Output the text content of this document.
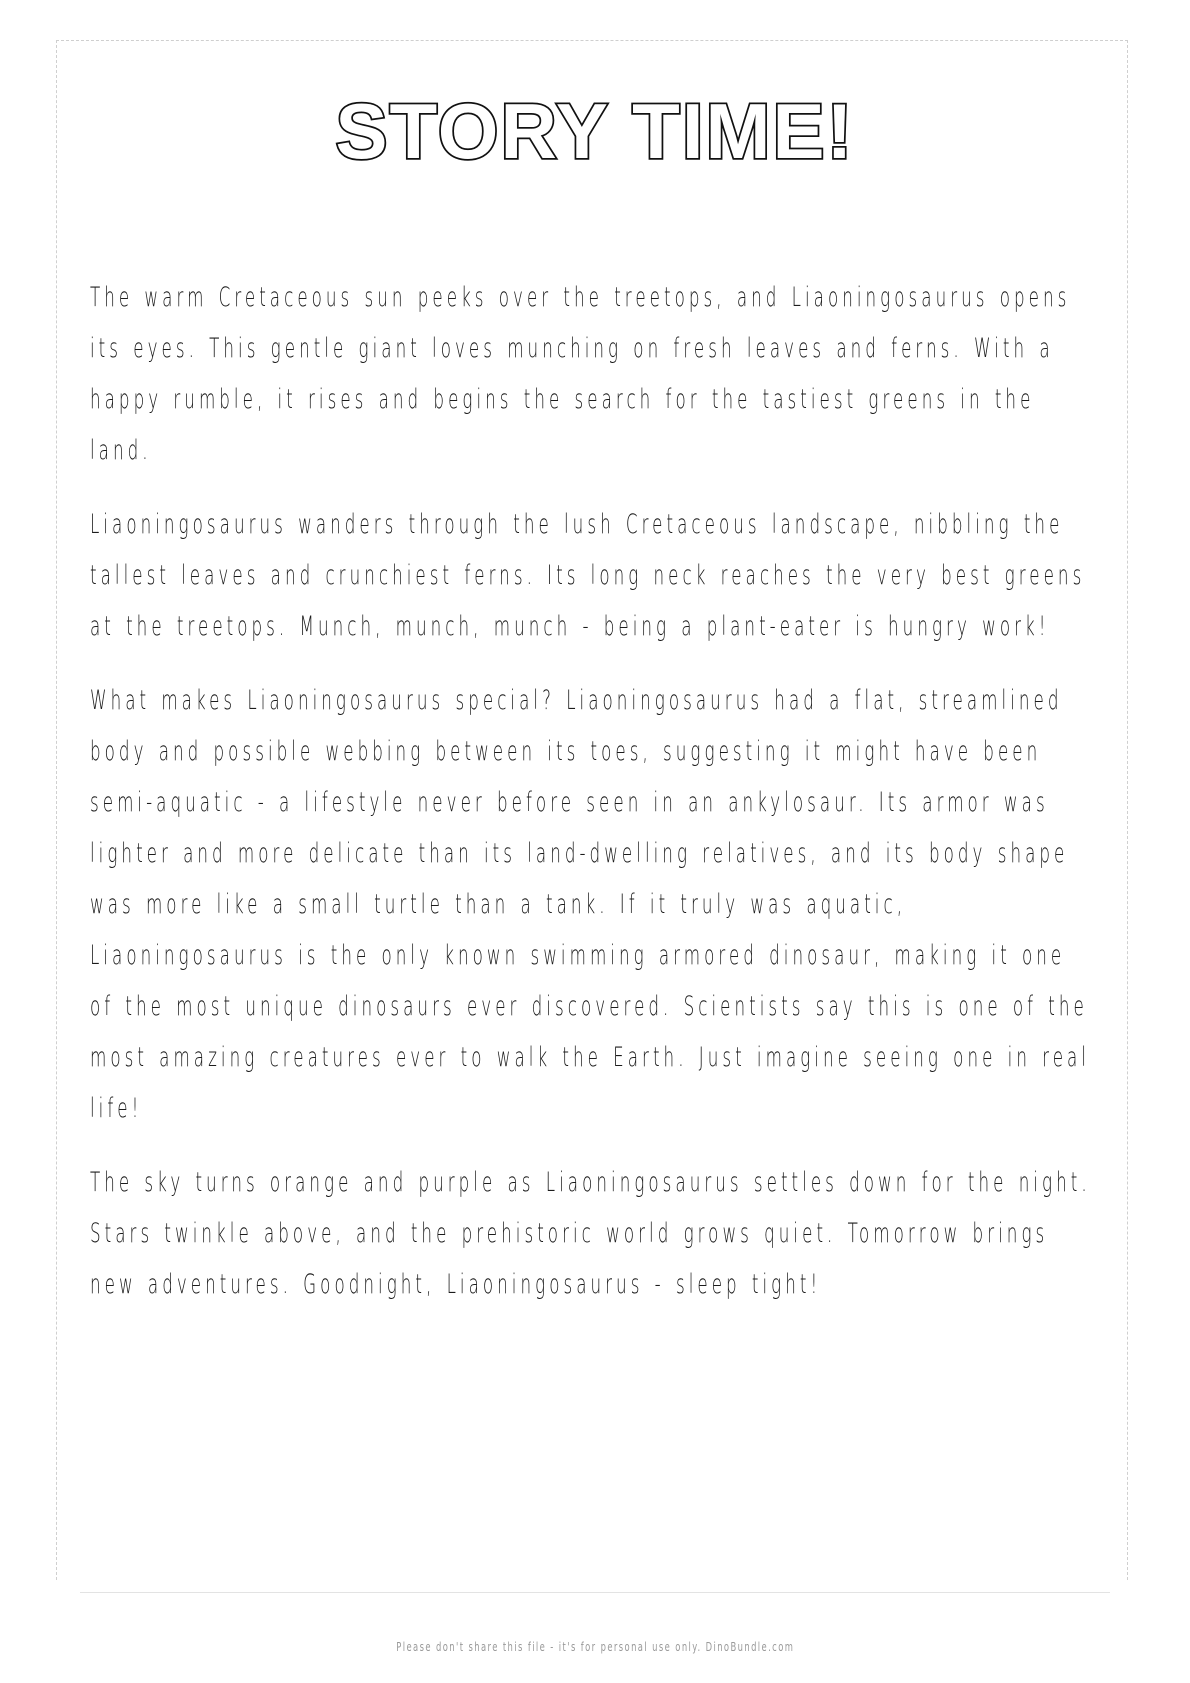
STORY TIME!

The warm Cretaceous sun peeks over the treetops, and Liaoningosaurus opens its eyes. This gentle giant loves munching on fresh leaves and ferns. With a happy rumble, it rises and begins the search for the tastiest greens in the land.

Liaoningosaurus wanders through the lush Cretaceous landscape, nibbling the tallest leaves and crunchiest ferns. Its long neck reaches the very best greens at the treetops. Munch, munch, munch - being a plant-eater is hungry work!

What makes Liaoningosaurus special? Liaoningosaurus had a flat, streamlined body and possible webbing between its toes, suggesting it might have been semi-aquatic - a lifestyle never before seen in an ankylosaur. Its armor was lighter and more delicate than its land-dwelling relatives, and its body shape was more like a small turtle than a tank. If it truly was aquatic, Liaoningosaurus is the only known swimming armored dinosaur, making it one of the most unique dinosaurs ever discovered. Scientists say this is one of the most amazing creatures ever to walk the Earth. Just imagine seeing one in real life!

The sky turns orange and purple as Liaoningosaurus settles down for the night. Stars twinkle above, and the prehistoric world grows quiet. Tomorrow brings new adventures. Goodnight, Liaoningosaurus - sleep tight!

Please don't share this file - it's for personal use only. DinoBundle.com
